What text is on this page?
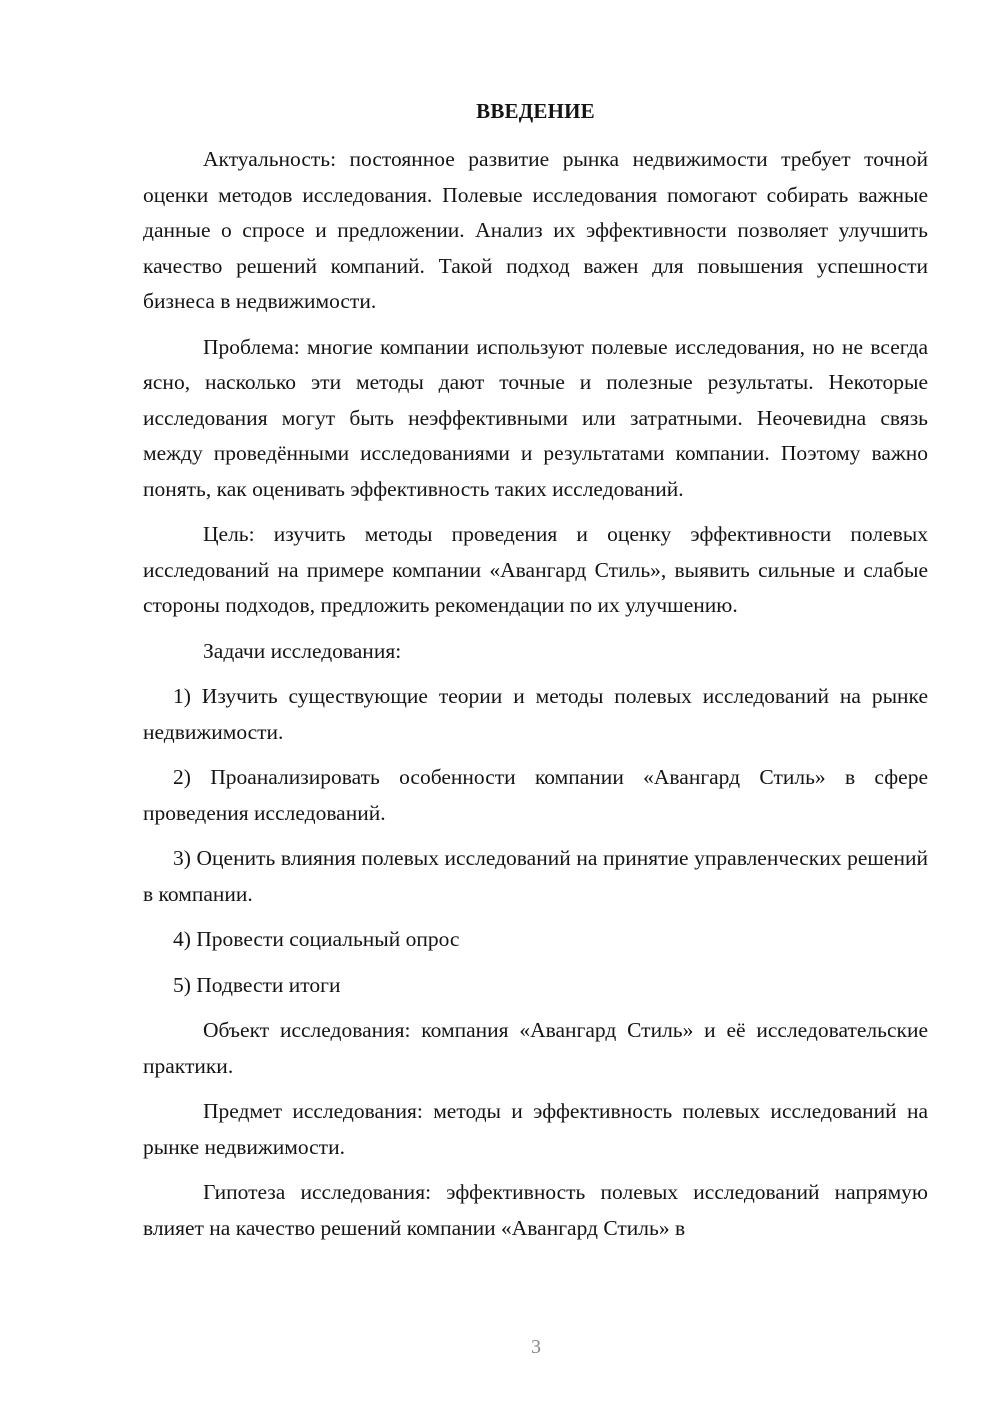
ВВЕДЕНИЕ

Актуальность: постоянное развитие рынка недвижимости требует точной оценки методов исследования. Полевые исследования помогают собирать важные данные о спросе и предложении. Анализ их эффективности позволяет улучшить качество решений компаний. Такой подход важен для повышения успешности бизнеса в недвижимости.

Проблема: многие компании используют полевые исследования, но не всегда ясно, насколько эти методы дают точные и полезные результаты. Некоторые исследования могут быть неэффективными или затратными. Неочевидна связь между проведёнными исследованиями и результатами компании. Поэтому важно понять, как оценивать эффективность таких исследований.

Цель: изучить методы проведения и оценку эффективности полевых исследований на примере компании «Авангард Стиль», выявить сильные и слабые стороны подходов, предложить рекомендации по их улучшению.

Задачи исследования:

1) Изучить существующие теории и методы полевых исследований на рынке недвижимости.

2) Проанализировать особенности компании «Авангард Стиль» в сфере проведения исследований.

3) Оценить влияния полевых исследований на принятие управленческих решений в компании.

4) Провести социальный опрос

5) Подвести итоги

Объект исследования: компания «Авангард Стиль» и её исследовательские практики.

Предмет исследования: методы и эффективность полевых исследований на рынке недвижимости.

Гипотеза исследования: эффективность полевых исследований напрямую влияет на качество решений компании «Авангард Стиль» в

3
